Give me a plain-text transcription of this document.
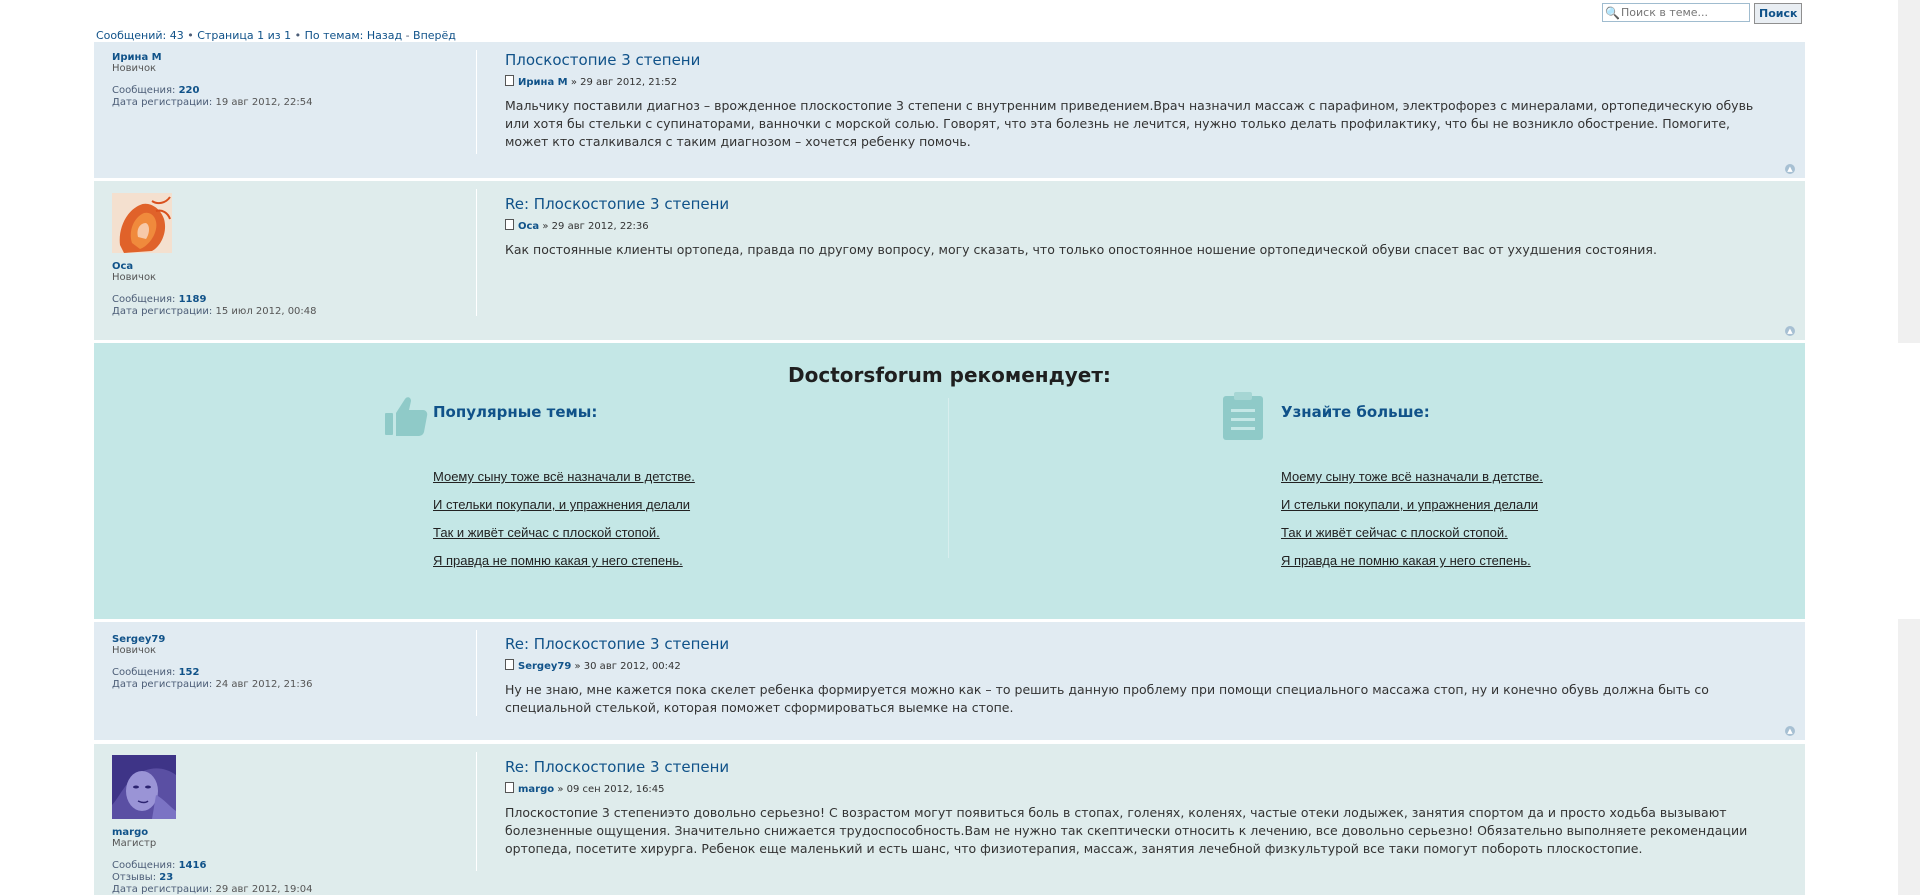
🔍
Поиск в теме...	Поиск
Сообщений: 43 • Страница 1 из 1 • По темам: Назад - Вперёд
Ирина М
Новичок

Сообщения: 220
Дата регистрации: 19 авг 2012, 22:54
Плоскостопие 3 степени
Ирина М » 29 авг 2012, 21:52
Мальчику поставили диагноз – врожденное плоскостопие 3 степени с внутренним приведением.Врач назначил массаж с парафином, электрофорез с минералами, ортопедическую обувь или хотя бы стельки с супинаторами, ванночки с морской солью. Говорят, что эта болезнь не лечится, нужно только делать профилактику, что бы не возникло обострение. Помогите, может кто сталкивался с таким диагнозом – хочется ребенку помочь.
▲
Оса
Новичок

Сообщения: 1189
Дата регистрации: 15 июл 2012, 00:48
Re: Плоскостопие 3 степени
Оса » 29 авг 2012, 22:36
Как постоянные клиенты ортопеда, правда по другому вопросу, могу сказать, что только опостоянное ношение ортопедической обуви спасет вас от ухудшения состояния.
▲
Doctorsforum рекомендует:
Популярные темы:
Моему сыну тоже всё назначали в детстве.
И стельки покупали, и упражнения делали
Так и живёт сейчас с плоской стопой.
Я правда не помню какая у него степень.
Узнайте больше:
Моему сыну тоже всё назначали в детстве.
И стельки покупали, и упражнения делали
Так и живёт сейчас с плоской стопой.
Я правда не помню какая у него степень.
Sergey79
Новичок

Сообщения: 152
Дата регистрации: 24 авг 2012, 21:36
Re: Плоскостопие 3 степени
Sergey79 » 30 авг 2012, 00:42
Ну не знаю, мне кажется пока скелет ребенка формируется можно как – то решить данную проблему при помощи специального массажа стоп, ну и конечно обувь должна быть со специальной стелькой, которая поможет сформироваться выемке на стопе.
▲
margo
Магистр

Сообщения: 1416
Отзывы: 23
Дата регистрации: 29 авг 2012, 19:04
Re: Плоскостопие 3 степени
margo » 09 сен 2012, 16:45
Плоскостопие 3 степениэто довольно серьезно! С возрастом могут появиться боль в стопах, голенях, коленях, частые отеки лодыжек, занятия спортом да и просто ходьба вызывают болезненные ощущения. Значительно снижается трудоспособность.Вам не нужно так скептически относить к лечению, все довольно серьезно! Обязательно выполняете рекомендации ортопеда, посетите хирурга. Ребенок еще маленький и есть шанс, что физиотерапия, массаж, занятия лечебной физкультурой все таки помогут побороть плоскостопие.
